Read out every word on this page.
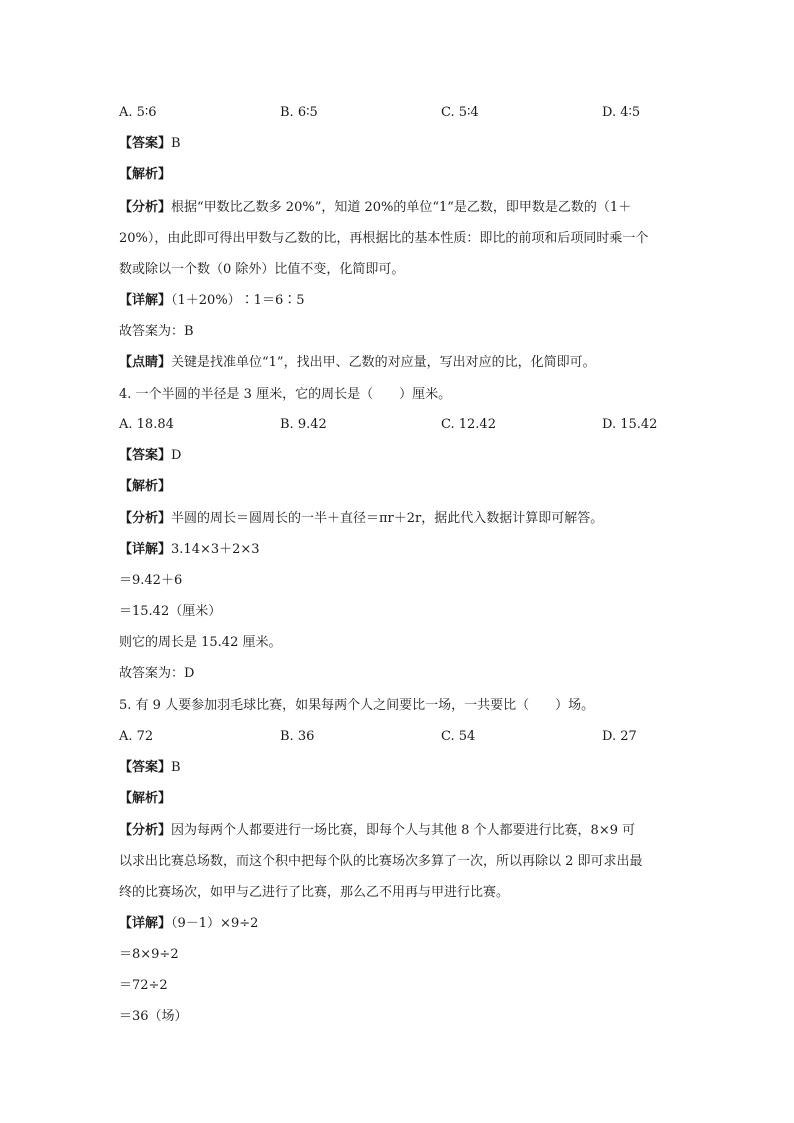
A. 5∶6	B. 6∶5	C. 5∶4	D. 4∶5
【答案】B
【解析】
【分析】根据“甲数比乙数多 20%”，知道 20%的单位“1”是乙数，即甲数是乙数的（1＋
20%），由此即可得出甲数与乙数的比，再根据比的基本性质：即比的前项和后项同时乘一个
数或除以一个数（0 除外）比值不变，化简即可。
【详解】（1＋20%）∶1＝6∶5
故答案为：B
【点睛】关键是找准单位“1”，找出甲、乙数的对应量，写出对应的比，化简即可。
4. 一个半圆的半径是 3 厘米，它的周长是（　　）厘米。
A. 18.84	B. 9.42	C. 12.42	D. 15.42
【答案】D
【解析】
【分析】半圆的周长＝圆周长的一半＋直径＝πr＋2r，据此代入数据计算即可解答。
【详解】3.14×3＋2×3
＝9.42＋6
＝15.42（厘米）
则它的周长是 15.42 厘米。
故答案为：D
5. 有 9 人要参加羽毛球比赛，如果每两个人之间要比一场，一共要比（　　）场。
A. 72	B. 36	C. 54	D. 27
【答案】B
【解析】
【分析】因为每两个人都要进行一场比赛，即每个人与其他 8 个人都要进行比赛，8×9 可
以求出比赛总场数，而这个积中把每个队的比赛场次多算了一次，所以再除以 2 即可求出最
终的比赛场次，如甲与乙进行了比赛，那么乙不用再与甲进行比赛。
【详解】（9－1）×9÷2
＝8×9÷2
＝72÷2
＝36（场）
